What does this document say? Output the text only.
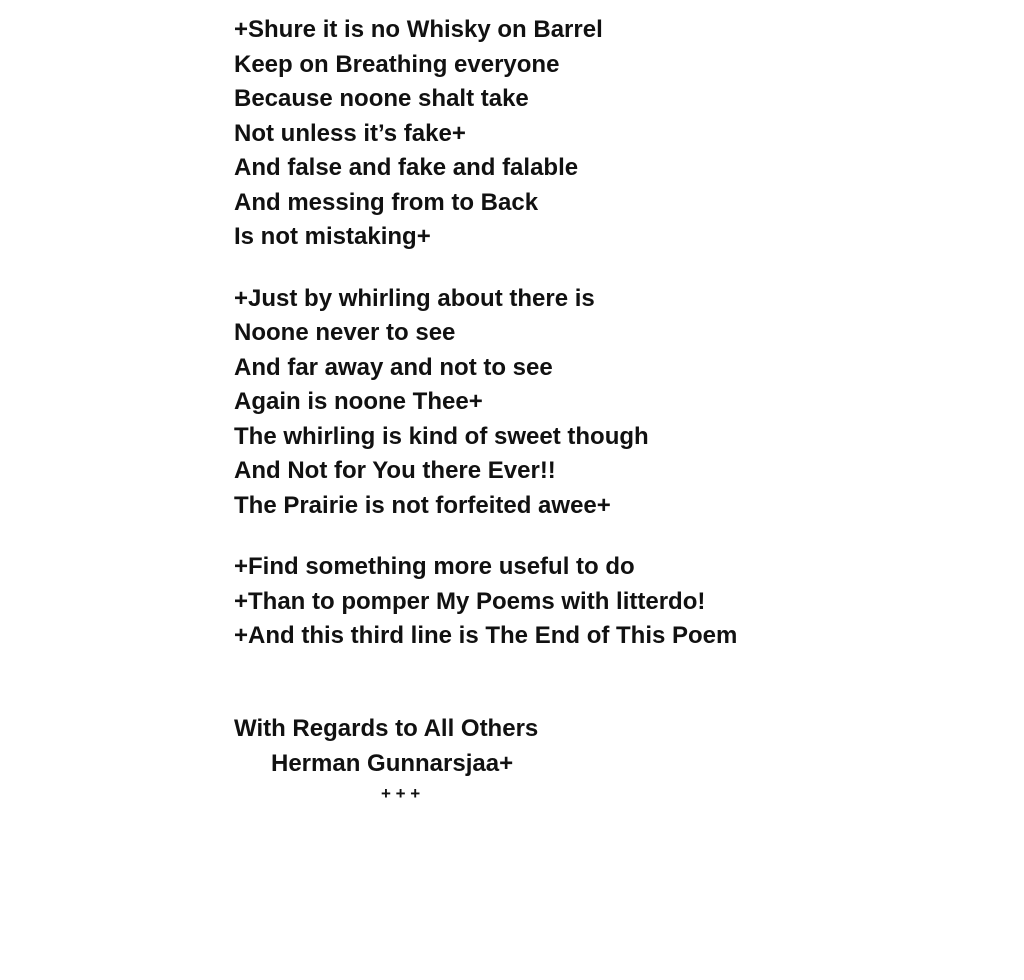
+Shure it is no Whisky on Barrel
Keep on Breathing everyone
Because noone shalt take
Not unless it’s fake+
And false and fake and falable
And messing from to Back
Is not mistaking+
+Just by whirling about there is
Noone never to see
And far away and not to see
Again is noone Thee+
The whirling is kind of sweet though
And Not for You there Ever!!
The Prairie is not forfeited awee+
+Find something more useful to do
+Than to pomper My Poems with litterdo!
+And this third line is The End of This Poem
With Regards to All Others
Herman Gunnarsjaa+
+ + +
